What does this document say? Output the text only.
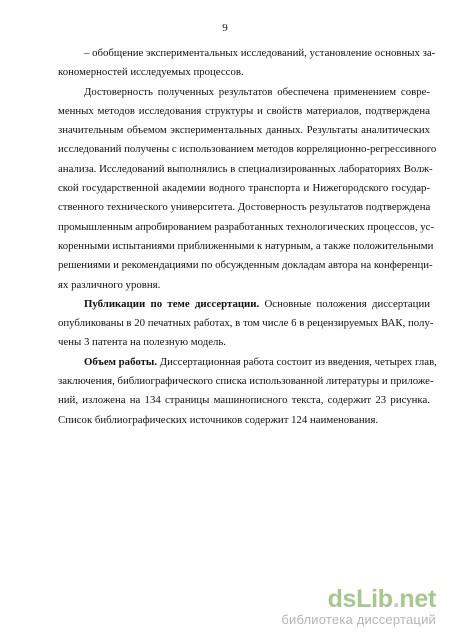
9
– обобщение экспериментальных исследований, установление основных за-
кономерностей исследуемых процессов.
Достоверность полученных результатов обеспечена применением совре-
менных методов исследования структуры и свойств материалов, подтверждена
значительным объемом экспериментальных данных. Результаты аналитических
исследований получены с использованием методов корреляционно-регрессивного
анализа. Исследований выполнялись в специализированных лабораториях Волж-
ской государственной академии водного транспорта и Нижегородского государ-
ственного технического университета. Достоверность результатов подтверждена
промышленным апробированием разработанных технологических процессов, ус-
коренными испытаниями приближенными к натурным, а также положительными
решениями и рекомендациями по обсужденным докладам автора на конференци-
ях различного уровня.
Публикации по теме диссертации. Основные положения диссертации
опубликованы в 20 печатных работах, в том числе 6 в рецензируемых ВАК, полу-
чены 3 патента на полезную модель.
Объем работы. Диссертационная работа состоит из введения, четырех глав,
заключения, библиографического списка использованной литературы и приложе-
ний, изложена на 134 страницы машинописного текста, содержит 23 рисунка.
Список библиографических источников содержит 124 наименования.
dsLib.net
библиотека диссертаций
